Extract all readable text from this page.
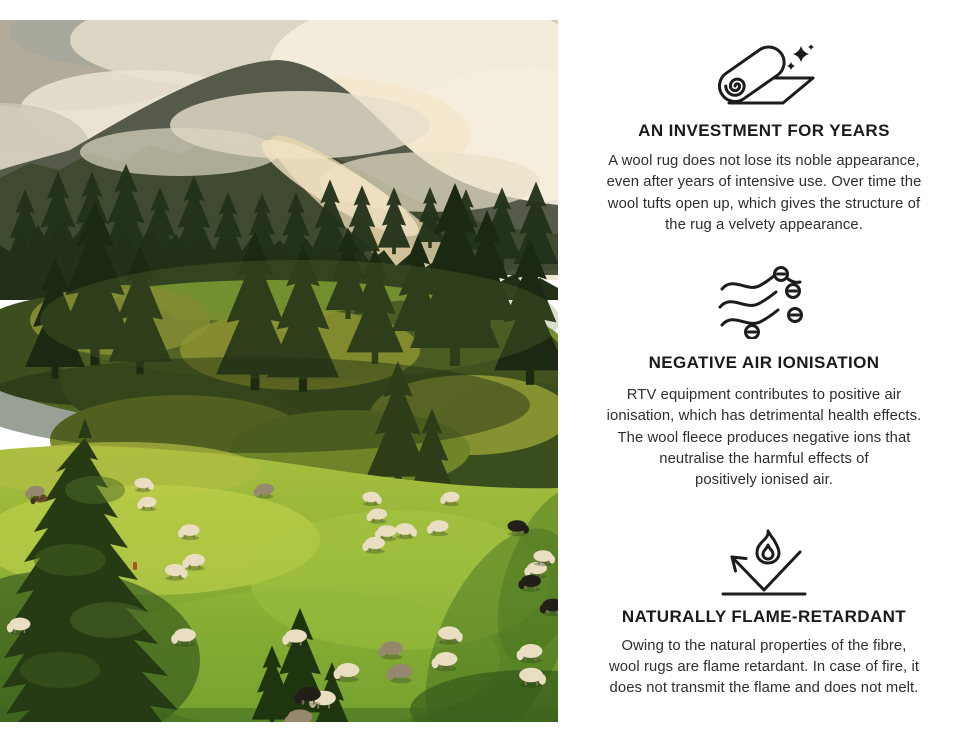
AN INVESTMENT FOR YEARS

A wool rug does not lose its noble appearance,
even after years of intensive use. Over time the
wool tufts open up, which gives the structure of
the rug a velvety appearance.

NEGATIVE AIR IONISATION

RTV equipment contributes to positive air
ionisation, which has detrimental health effects.
The wool fleece produces negative ions that
neutralise the harmful effects of
positively ionised air.

NATURALLY FLAME-RETARDANT

Owing to the natural properties of the fibre,
wool rugs are flame retardant. In case of fire, it
does not transmit the flame and does not melt.
